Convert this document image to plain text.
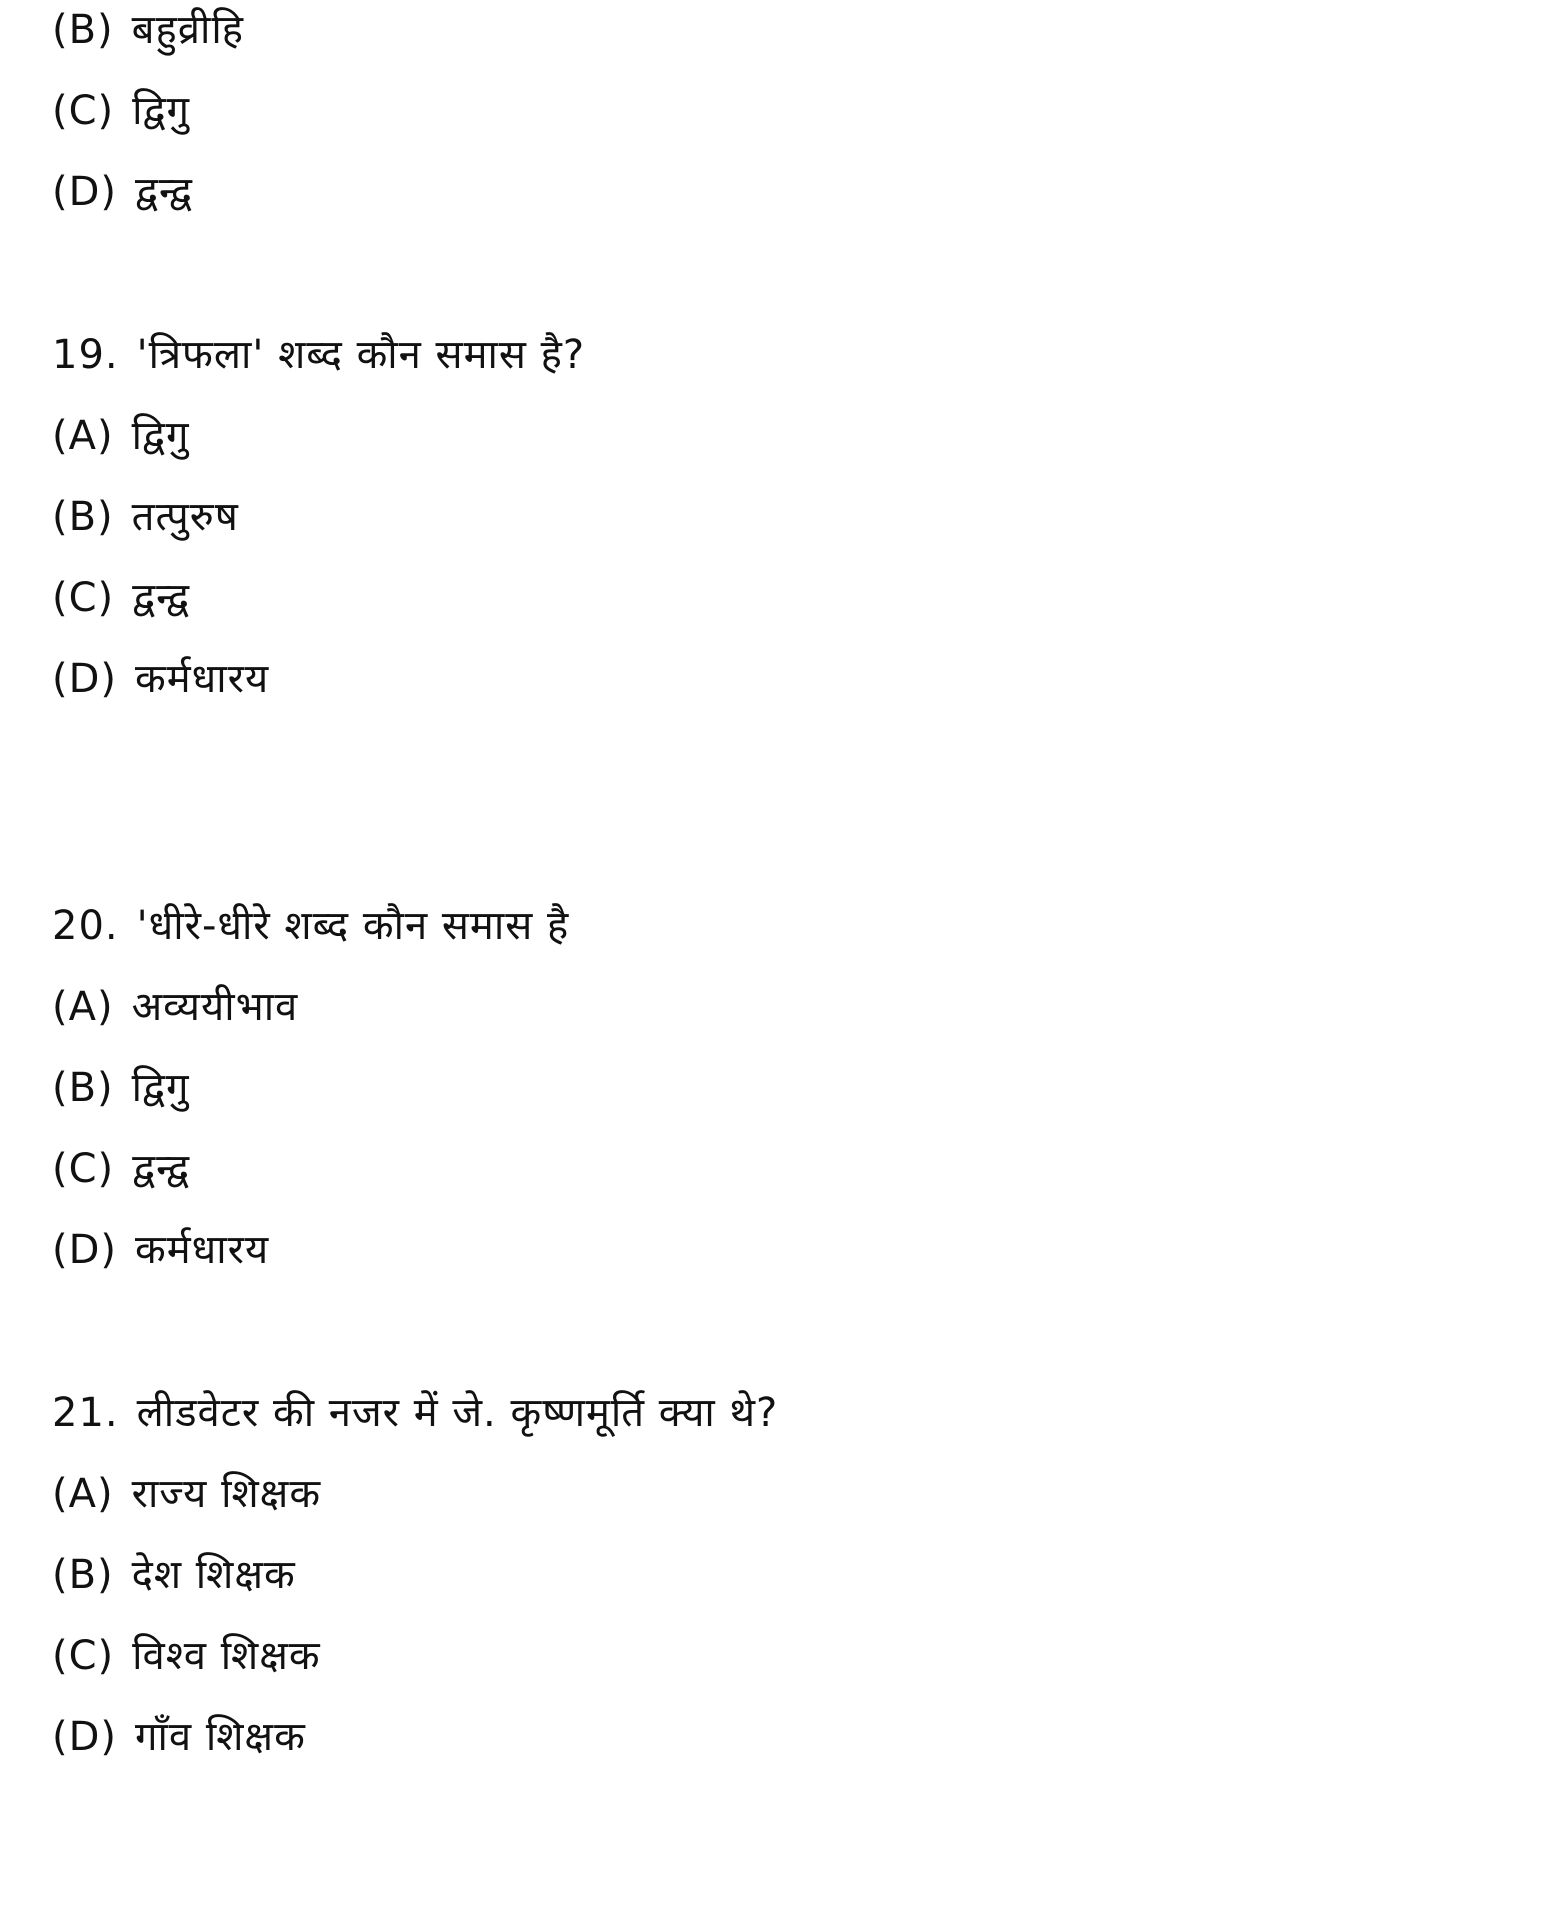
(B) बहुव्रीहि
(C) द्विगु
(D) द्वन्द्व
19. 'त्रिफला' शब्द कौन समास है?
(A) द्विगु
(B) तत्पुरुष
(C) द्वन्द्व
(D) कर्मधारय
20. 'धीरे-धीरे शब्द कौन समास है
(A) अव्ययीभाव
(B) द्विगु
(C) द्वन्द्व
(D) कर्मधारय
21. लीडवेटर की नजर में जे. कृष्णमूर्ति क्या थे?
(A) राज्य शिक्षक
(B) देश शिक्षक
(C) विश्व शिक्षक
(D) गाँव शिक्षक
